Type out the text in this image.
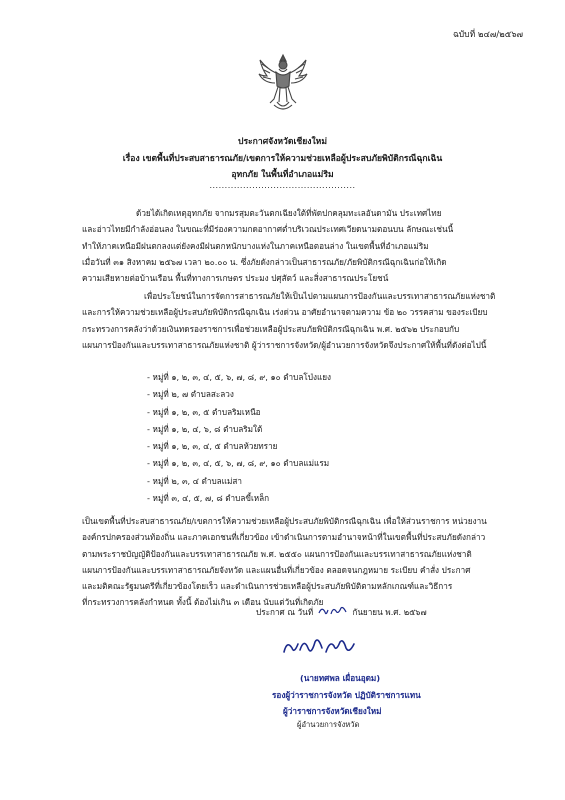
ฉบับที่ ๒๔๗/๒๕๖๗
ประกาศจังหวัดเชียงใหม่
เรื่อง เขตพื้นที่ประสบสาธารณภัย/เขตการให้ความช่วยเหลือผู้ประสบภัยพิบัติกรณีฉุกเฉิน
อุทกภัย ในพื้นที่อำเภอแม่ริม
................................................
ด้วยได้เกิดเหตุอุทกภัย จากมรสุมตะวันตกเฉียงใต้ที่พัดปกคลุมทะเลอันดามัน ประเทศไทย
และอ่าวไทยมีกำลังอ่อนลง ในขณะที่มีร่องความกดอากาศต่ำบริเวณประเทศเวียดนามตอนบน ลักษณะเช่นนี้
ทำให้ภาคเหนือมีฝนตกลงแต่ยังคงมีฝนตกหนักบางแห่งในภาคเหนือตอนล่าง ในเขตพื้นที่อำเภอแม่ริม
เมื่อวันที่ ๓๑ สิงหาคม ๒๕๖๗ เวลา ๒๐.๐๐ น. ซึ่งภัยดังกล่าวเป็นสาธารณภัย/ภัยพิบัติกรณีฉุกเฉินก่อให้เกิด
ความเสียหายต่อบ้านเรือน พื้นที่ทางการเกษตร ประมง ปศุสัตว์ และสิ่งสาธารณประโยชน์
เพื่อประโยชน์ในการจัดการสาธารณภัยให้เป็นไปตามแผนการป้องกันและบรรเทาสาธารณภัยแห่งชาติ
และการให้ความช่วยเหลือผู้ประสบภัยพิบัติกรณีฉุกเฉิน เร่งด่วน อาศัยอำนาจตามความ ข้อ ๒๐ วรรคสาม ของระเบียบ
กระทรวงการคลังว่าด้วยเงินทดรองราชการเพื่อช่วยเหลือผู้ประสบภัยพิบัติกรณีฉุกเฉิน พ.ศ. ๒๕๖๒ ประกอบกับ
แผนการป้องกันและบรรเทาสาธารณภัยแห่งชาติ ผู้ว่าราชการจังหวัด/ผู้อำนวยการจังหวัดจึงประกาศให้พื้นที่ดังต่อไปนี้
- หมู่ที่ ๑, ๒, ๓, ๔, ๕, ๖, ๗, ๘, ๙, ๑๐ ตำบลโป่งแยง
- หมู่ที่ ๒, ๗ ตำบลสะลวง
- หมู่ที่ ๑, ๒, ๓, ๕ ตำบลริมเหนือ
- หมู่ที่ ๑, ๒, ๔, ๖, ๘ ตำบลริมใต้
- หมู่ที่ ๑, ๒, ๓, ๔, ๕ ตำบลห้วยทราย
- หมู่ที่ ๑, ๒, ๓, ๔, ๕, ๖, ๗, ๘, ๙, ๑๐ ตำบลแม่แรม
- หมู่ที่ ๒, ๓, ๔ ตำบลแม่สา
- หมู่ที่ ๓, ๔, ๕, ๗, ๘ ตำบลขี้เหล็ก
เป็นเขตพื้นที่ประสบสาธารณภัย/เขตการให้ความช่วยเหลือผู้ประสบภัยพิบัติกรณีฉุกเฉิน เพื่อให้ส่วนราชการ หน่วยงาน
องค์กรปกครองส่วนท้องถิ่น และภาคเอกชนที่เกี่ยวข้อง เข้าดำเนินการตามอำนาจหน้าที่ในเขตพื้นที่ประสบภัยดังกล่าว
ตามพระราชบัญญัติป้องกันและบรรเทาสาธารณภัย พ.ศ. ๒๕๕๐ แผนการป้องกันและบรรเทาสาธารณภัยแห่งชาติ
แผนการป้องกันและบรรเทาสาธารณภัยจังหวัด และแผนอื่นที่เกี่ยวข้อง ตลอดจนกฎหมาย ระเบียบ คำสั่ง ประกาศ
และมติคณะรัฐมนตรีที่เกี่ยวข้องโดยเร็ว และดำเนินการช่วยเหลือผู้ประสบภัยพิบัติตามหลักเกณฑ์และวิธีการ
ที่กระทรวงการคลังกำหนด ทั้งนี้ ต้องไม่เกิน ๓ เดือน นับแต่วันที่เกิดภัย
ประกาศ ณ วันที่	กันยายน พ.ศ. ๒๕๖๗
(นายทศพล เผื่อนอุดม)
รองผู้ว่าราชการจังหวัด ปฏิบัติราชการแทน
ผู้ว่าราชการจังหวัดเชียงใหม่
ผู้อำนวยการจังหวัด
